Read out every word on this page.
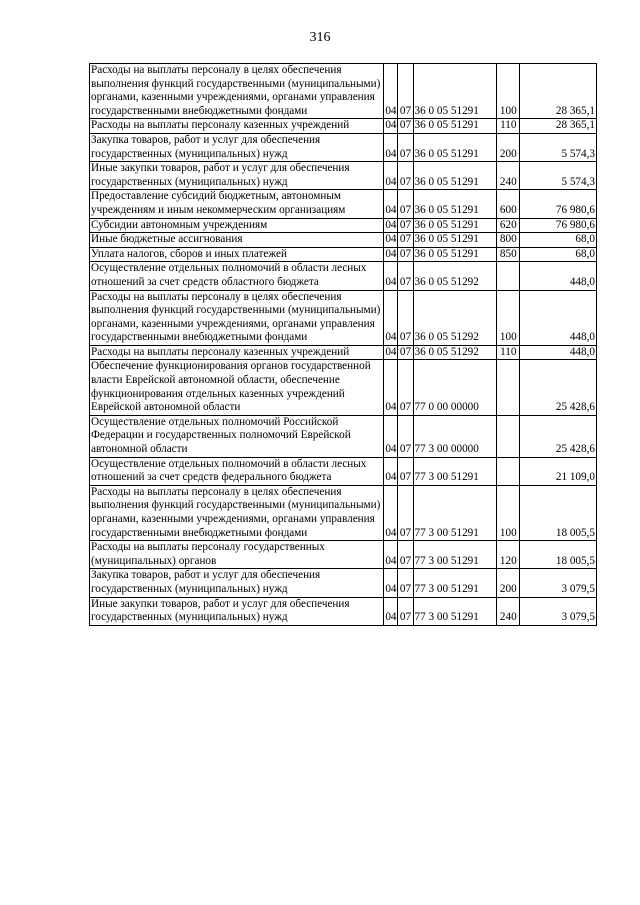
316
Расходы на выплаты персоналу в целях обеспечения выполнения функций государственными (муниципальными) органами, казенными учреждениями, органами управления государственными внебюджетными фондами	04	07	36 0 05 51291	100	28 365,1
Расходы на выплаты персоналу казенных учреждений	04	07	36 0 05 51291	110	28 365,1
Закупка товаров, работ и услуг для обеспечения государственных (муниципальных) нужд	04	07	36 0 05 51291	200	5 574,3
Иные закупки товаров, работ и услуг для обеспечения государственных (муниципальных) нужд	04	07	36 0 05 51291	240	5 574,3
Предоставление субсидий бюджетным, автономным учреждениям и иным некоммерческим организациям	04	07	36 0 05 51291	600	76 980,6
Субсидии автономным учреждениям	04	07	36 0 05 51291	620	76 980,6
Иные бюджетные ассигнования	04	07	36 0 05 51291	800	68,0
Уплата налогов, сборов и иных платежей	04	07	36 0 05 51291	850	68,0
Осуществление отдельных полномочий в области лесных отношений за счет средств областного бюджета	04	07	36 0 05 51292		448,0
Расходы на выплаты персоналу в целях обеспечения выполнения функций государственными (муниципальными) органами, казенными учреждениями, органами управления государственными внебюджетными фондами	04	07	36 0 05 51292	100	448,0
Расходы на выплаты персоналу казенных учреждений	04	07	36 0 05 51292	110	448,0
Обеспечение функционирования органов государственной власти Еврейской автономной области, обеспечение функционирования отдельных казенных учреждений Еврейской автономной области	04	07	77 0 00 00000		25 428,6
Осуществление отдельных полномочий Российской Федерации и государственных полномочий Еврейской автономной области	04	07	77 3 00 00000		25 428,6
Осуществление отдельных полномочий в области лесных отношений за счет средств федерального бюджета	04	07	77 3 00 51291		21 109,0
Расходы на выплаты персоналу в целях обеспечения выполнения функций государственными (муниципальными) органами, казенными учреждениями, органами управления государственными внебюджетными фондами	04	07	77 3 00 51291	100	18 005,5
Расходы на выплаты персоналу государственных (муниципальных) органов	04	07	77 3 00 51291	120	18 005,5
Закупка товаров, работ и услуг для обеспечения государственных (муниципальных) нужд	04	07	77 3 00 51291	200	3 079,5
Иные закупки товаров, работ и услуг для обеспечения государственных (муниципальных) нужд	04	07	77 3 00 51291	240	3 079,5
